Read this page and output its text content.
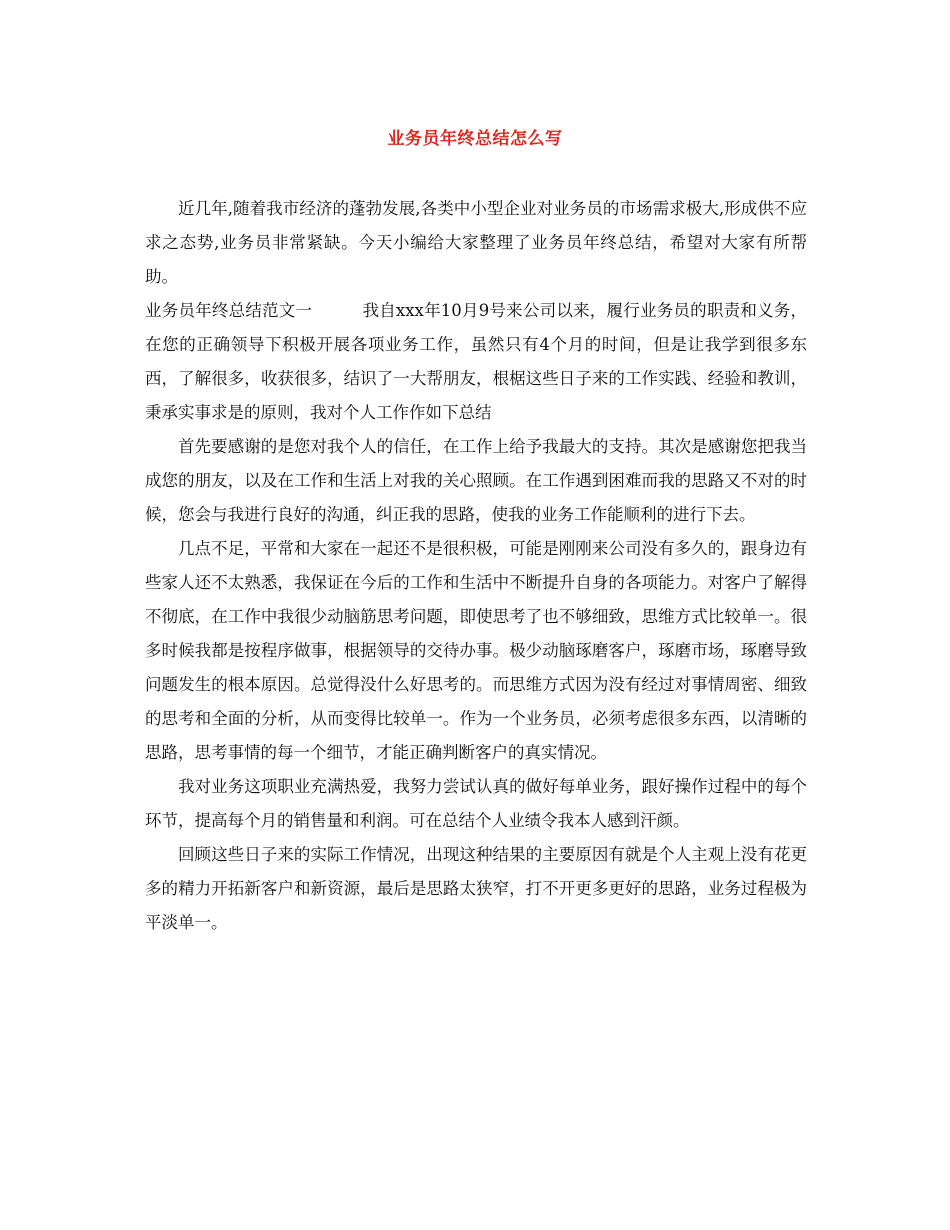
业务员年终总结怎么写

近几年,随着我市经济的蓬勃发展,各类中小型企业对业务员的市场需求极大,形成供不应求之态势,业务员非常紧缺。今天小编给大家整理了业务员年终总结，希望对大家有所帮助。

业务员年终总结范文一	我自xxx年10月9号来公司以来，履行业务员的职责和义务，在您的正确领导下积极开展各项业务工作，虽然只有4个月的时间，但是让我学到很多东西，了解很多，收获很多，结识了一大帮朋友，根椐这些日子来的工作实践、经验和教训，秉承实事求是的原则，我对个人工作作如下总结

首先要感谢的是您对我个人的信任，在工作上给予我最大的支持。其次是感谢您把我当成您的朋友，以及在工作和生活上对我的关心照顾。在工作遇到困难而我的思路又不对的时候，您会与我进行良好的沟通，纠正我的思路，使我的业务工作能顺利的进行下去。

几点不足，平常和大家在一起还不是很积极，可能是刚刚来公司没有多久的，跟身边有些家人还不太熟悉，我保证在今后的工作和生活中不断提升自身的各项能力。对客户了解得不彻底，在工作中我很少动脑筋思考问题，即使思考了也不够细致，思维方式比较单一。很多时候我都是按程序做事，根据领导的交待办事。极少动脑琢磨客户，琢磨市场，琢磨导致问题发生的根本原因。总觉得没什么好思考的。而思维方式因为没有经过对事情周密、细致的思考和全面的分析，从而变得比较单一。作为一个业务员，必须考虑很多东西，以清晰的思路，思考事情的每一个细节，才能正确判断客户的真实情况。

我对业务这项职业充满热爱，我努力尝试认真的做好每单业务，跟好操作过程中的每个环节，提高每个月的销售量和利润。可在总结个人业绩令我本人感到汗颜。

回顾这些日子来的实际工作情况，出现这种结果的主要原因有就是个人主观上没有花更多的精力开拓新客户和新资源，最后是思路太狭窄，打不开更多更好的思路，业务过程极为平淡单一。
